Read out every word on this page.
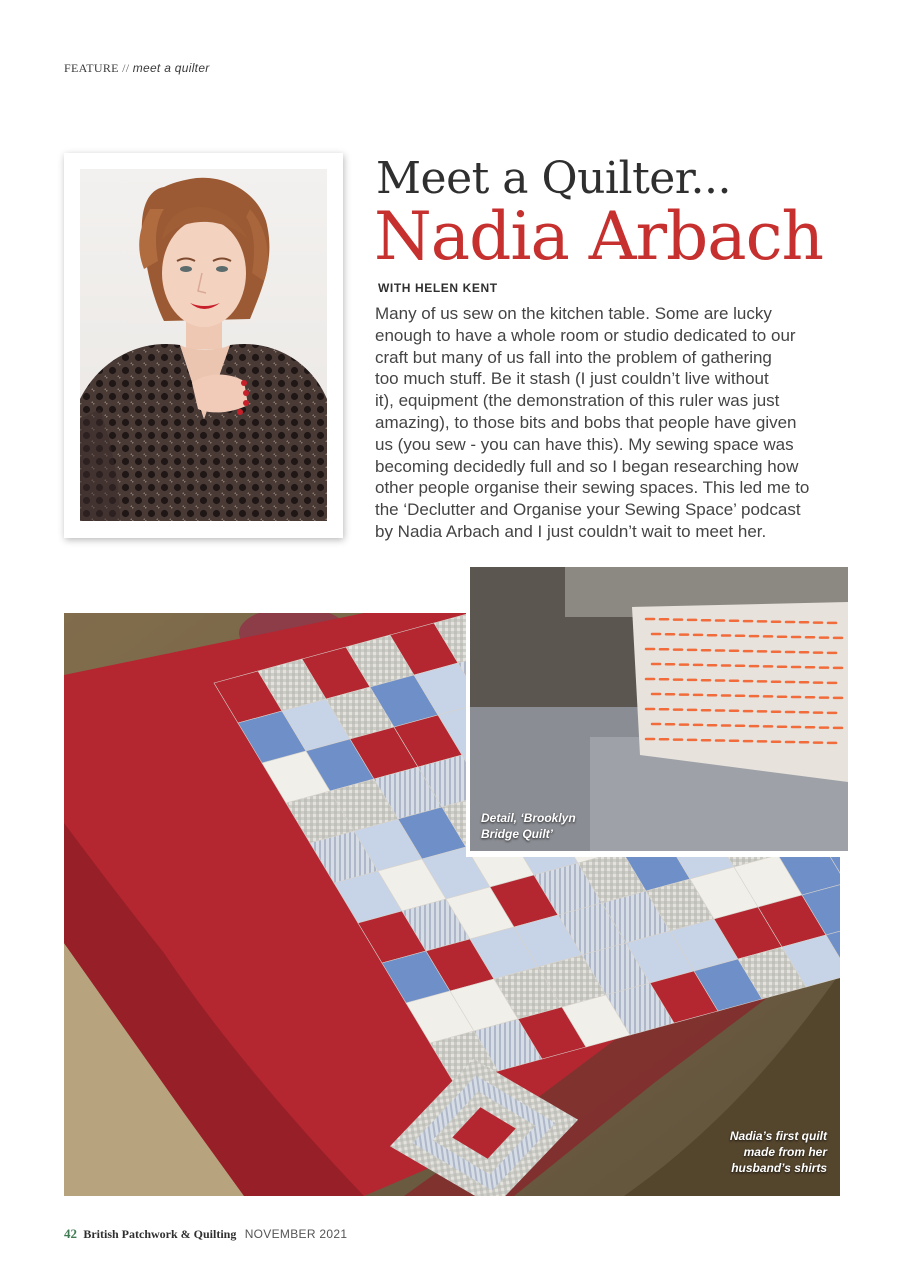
FEATURE // meet a quilter
Meet a Quilter...
Nadia Arbach
WITH HELEN KENT
Many of us sew on the kitchen table. Some are lucky
enough to have a whole room or studio dedicated to our
craft but many of us fall into the problem of gathering
too much stuff. Be it stash (I just couldn’t live without
it), equipment (the demonstration of this ruler was just
amazing), to those bits and bobs that people have given
us (you sew - you can have this). My sewing space was
becoming decidedly full and so I began researching how
other people organise their sewing spaces. This led me to
the ‘Declutter and Organise your Sewing Space’ podcast
by Nadia Arbach and I just couldn’t wait to meet her.
Detail, ‘Brooklyn
Bridge Quilt’
Nadia’s first quilt
made from her
husband’s shirts
42 British Patchwork & Quilting NOVEMBER 2021
